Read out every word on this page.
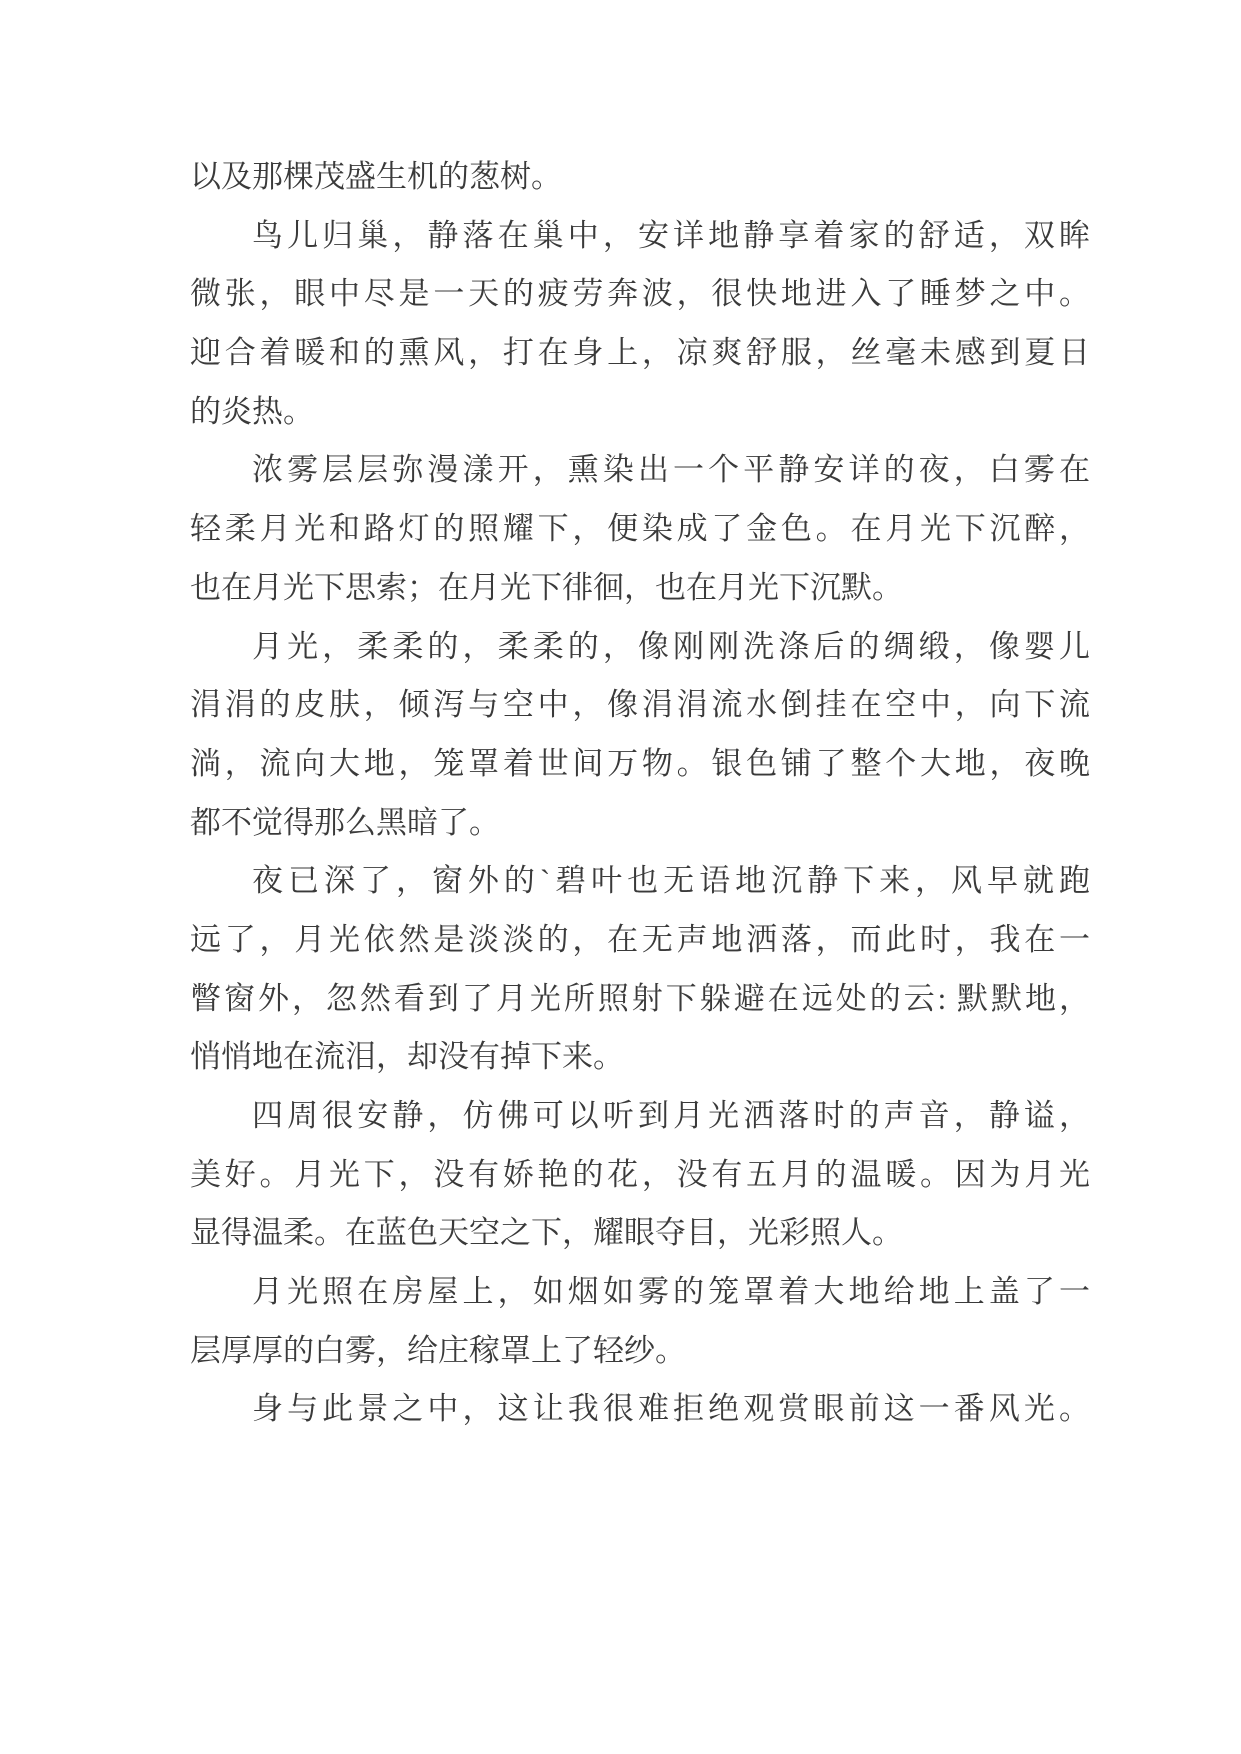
以及那棵茂盛生机的葱树。
鸟儿归巢，静落在巢中，安详地静享着家的舒适，双眸
微张，眼中尽是一天的疲劳奔波，很快地进入了睡梦之中。
迎合着暖和的熏风，打在身上，凉爽舒服，丝毫未感到夏日
的炎热。
浓雾层层弥漫漾开，熏染出一个平静安详的夜，白雾在
轻柔月光和路灯的照耀下，便染成了金色。在月光下沉醉，
也在月光下思索；在月光下徘徊，也在月光下沉默。
月光，柔柔的，柔柔的，像刚刚洗涤后的绸缎，像婴儿
涓涓的皮肤，倾泻与空中，像涓涓流水倒挂在空中，向下流
淌，流向大地，笼罩着世间万物。银色铺了整个大地，夜晚
都不觉得那么黑暗了。
夜已深了，窗外的`碧叶也无语地沉静下来，风早就跑
远了，月光依然是淡淡的，在无声地洒落，而此时，我在一
瞥窗外，忽然看到了月光所照射下躲避在远处的云: 默默地，
悄悄地在流泪，却没有掉下来。
四周很安静，仿佛可以听到月光洒落时的声音，静谥，
美好。月光下，没有娇艳的花，没有五月的温暖。因为月光
显得温柔。在蓝色天空之下，耀眼夺目，光彩照人。
月光照在房屋上，如烟如雾的笼罩着大地给地上盖了一
层厚厚的白雾，给庄稼罩上了轻纱。
身与此景之中，这让我很难拒绝观赏眼前这一番风光。
